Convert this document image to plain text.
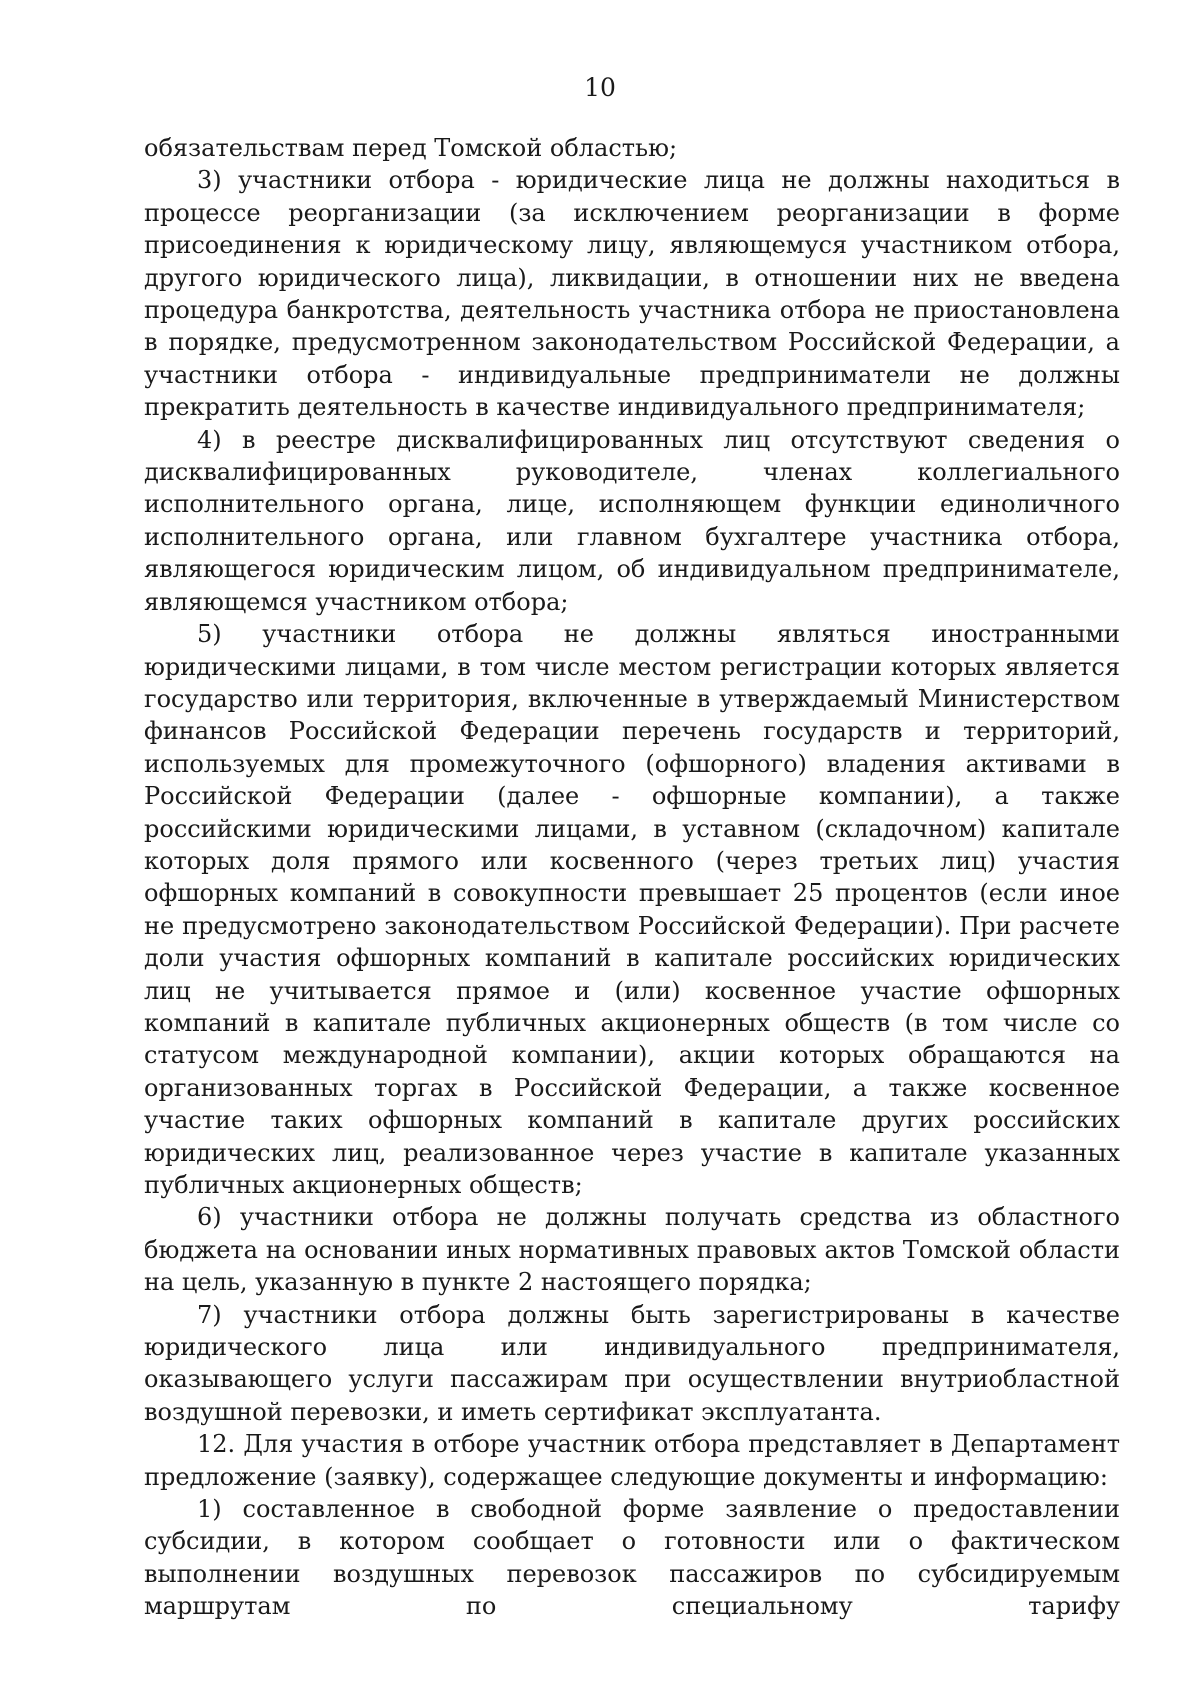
10

обязательствам перед Томской областью;

3) участники отбора - юридические лица не должны находиться в процессе реорганизации (за исключением реорганизации в форме присоединения к юридическому лицу, являющемуся участником отбора, другого юридического лица), ликвидации, в отношении них не введена процедура банкротства, деятельность участника отбора не приостановлена в порядке, предусмотренном законодательством Российской Федерации, а участники отбора - индивидуальные предприниматели не должны прекратить деятельность в качестве индивидуального предпринимателя;

4) в реестре дисквалифицированных лиц отсутствуют сведения о дисквалифицированных руководителе, членах коллегиального исполнительного органа, лице, исполняющем функции единоличного исполнительного органа, или главном бухгалтере участника отбора, являющегося юридическим лицом, об индивидуальном предпринимателе, являющемся участником отбора;

5) участники отбора не должны являться иностранными юридическими лицами, в том числе местом регистрации которых является государство или территория, включенные в утверждаемый Министерством финансов Российской Федерации перечень государств и территорий, используемых для промежуточного (офшорного) владения активами в Российской Федерации (далее - офшорные компании), а также российскими юридическими лицами, в уставном (складочном) капитале которых доля прямого или косвенного (через третьих лиц) участия офшорных компаний в совокупности превышает 25 процентов (если иное не предусмотрено законодательством Российской Федерации). При расчете доли участия офшорных компаний в капитале российских юридических лиц не учитывается прямое и (или) косвенное участие офшорных компаний в капитале публичных акционерных обществ (в том числе со статусом международной компании), акции которых обращаются на организованных торгах в Российской Федерации, а также косвенное участие таких офшорных компаний в капитале других российских юридических лиц, реализованное через участие в капитале указанных публичных акционерных обществ;

6) участники отбора не должны получать средства из областного бюджета на основании иных нормативных правовых актов Томской области на цель, указанную в пункте 2 настоящего порядка;

7) участники отбора должны быть зарегистрированы в качестве юридического лица или индивидуального предпринимателя, оказывающего услуги пассажирам при осуществлении внутриобластной воздушной перевозки, и иметь сертификат эксплуатанта.

12. Для участия в отборе участник отбора представляет в Департамент предложение (заявку), содержащее следующие документы и информацию:

1) составленное в свободной форме заявление о предоставлении субсидии, в котором сообщает о готовности или о фактическом выполнении воздушных перевозок пассажиров по субсидируемым маршрутам по специальному тарифу
